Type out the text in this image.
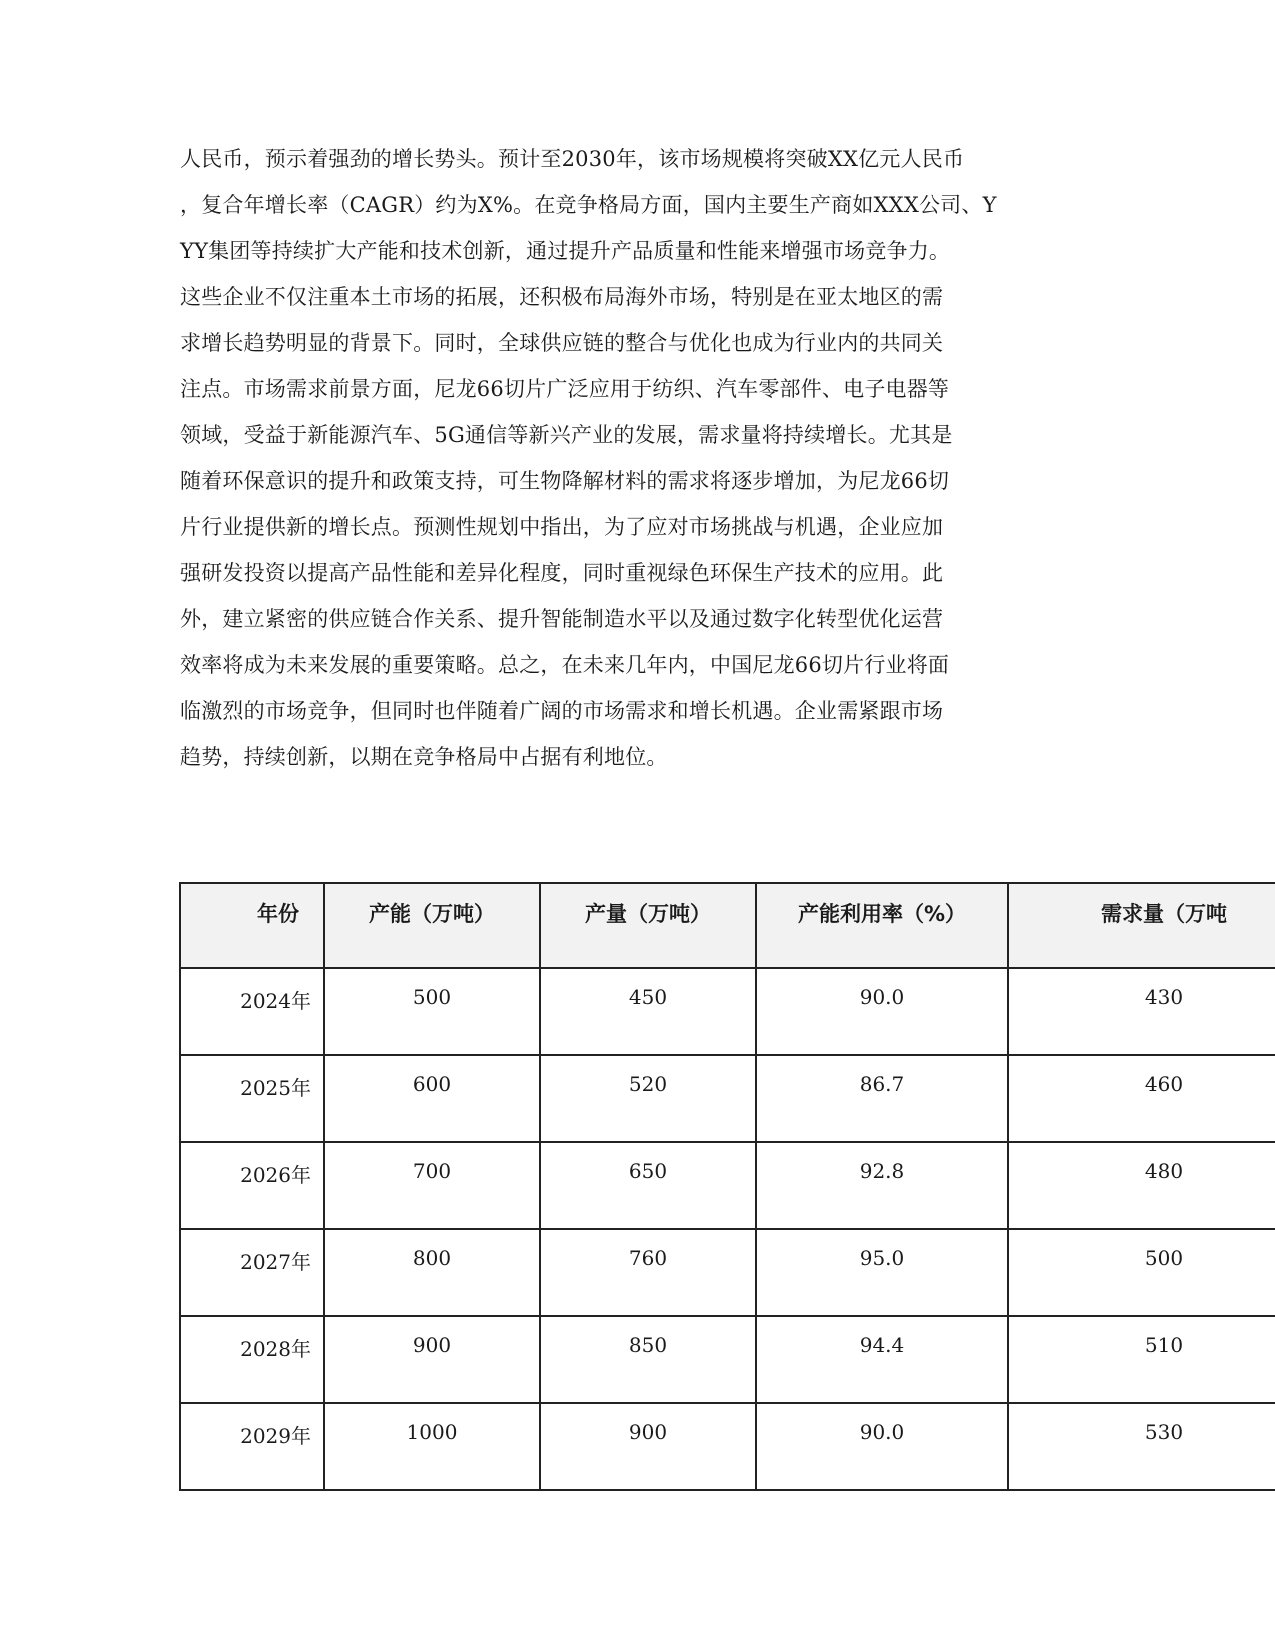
人民币，预示着强劲的增长势头。预计至2030年，该市场规模将突破XX亿元人民币
，复合年增长率（CAGR）约为X%。在竞争格局方面，国内主要生产商如XXX公司、Y
YY集团等持续扩大产能和技术创新，通过提升产品质量和性能来增强市场竞争力。
这些企业不仅注重本土市场的拓展，还积极布局海外市场，特别是在亚太地区的需
求增长趋势明显的背景下。同时，全球供应链的整合与优化也成为行业内的共同关
注点。市场需求前景方面，尼龙66切片广泛应用于纺织、汽车零部件、电子电器等
领域，受益于新能源汽车、5G通信等新兴产业的发展，需求量将持续增长。尤其是
随着环保意识的提升和政策支持，可生物降解材料的需求将逐步增加，为尼龙66切
片行业提供新的增长点。预测性规划中指出，为了应对市场挑战与机遇，企业应加
强研发投资以提高产品性能和差异化程度，同时重视绿色环保生产技术的应用。此
外，建立紧密的供应链合作关系、提升智能制造水平以及通过数字化转型优化运营
效率将成为未来发展的重要策略。总之，在未来几年内，中国尼龙66切片行业将面
临激烈的市场竞争，但同时也伴随着广阔的市场需求和增长机遇。企业需紧跟市场
趋势，持续创新，以期在竞争格局中占据有利地位。
年份	产能（万吨）	产量（万吨）	产能利用率（%）	需求量（万吨
2024年	500	450	90.0	430
2025年	600	520	86.7	460
2026年	700	650	92.8	480
2027年	800	760	95.0	500
2028年	900	850	94.4	510
2029年	1000	900	90.0	530
